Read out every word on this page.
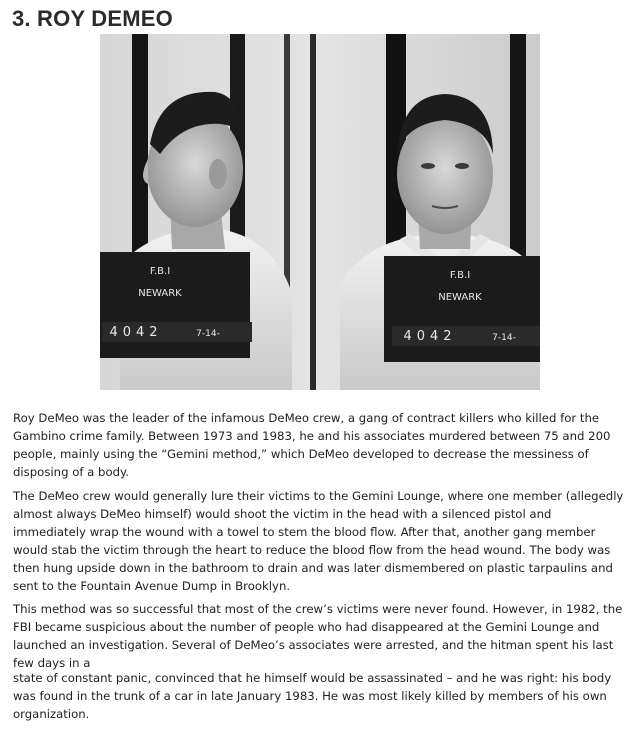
3. ROY DEMEO
F.B.I
NEWARK
4042	7-14-
F.B.I
NEWARK
4042	7-14-

Roy DeMeo was the leader of the infamous DeMeo crew, a gang of contract killers who killed for the Gambino crime family. Between 1973 and 1983, he and his associates murdered between 75 and 200 people, mainly using the “Gemini method,” which DeMeo developed to decrease the messiness of disposing of a body.

The DeMeo crew would generally lure their victims to the Gemini Lounge, where one member (allegedly almost always DeMeo himself) would shoot the victim in the head with a silenced pistol and immediately wrap the wound with a towel to stem the blood flow. After that, another gang member would stab the victim through the heart to reduce the blood flow from the head wound. The body was then hung upside down in the bathroom to drain and was later dismembered on plastic tarpaulins and sent to the Fountain Avenue Dump in Brooklyn.

This method was so successful that most of the crew’s victims were never found. However, in 1982, the FBI became suspicious about the number of people who had disappeared at the Gemini Lounge and launched an investigation. Several of DeMeo’s associates were arrested, and the hitman spent his last few days in a

state of constant panic, convinced that he himself would be assassinated – and he was right: his body was found in the trunk of a car in late January 1983. He was most likely killed by members of his own organization.
